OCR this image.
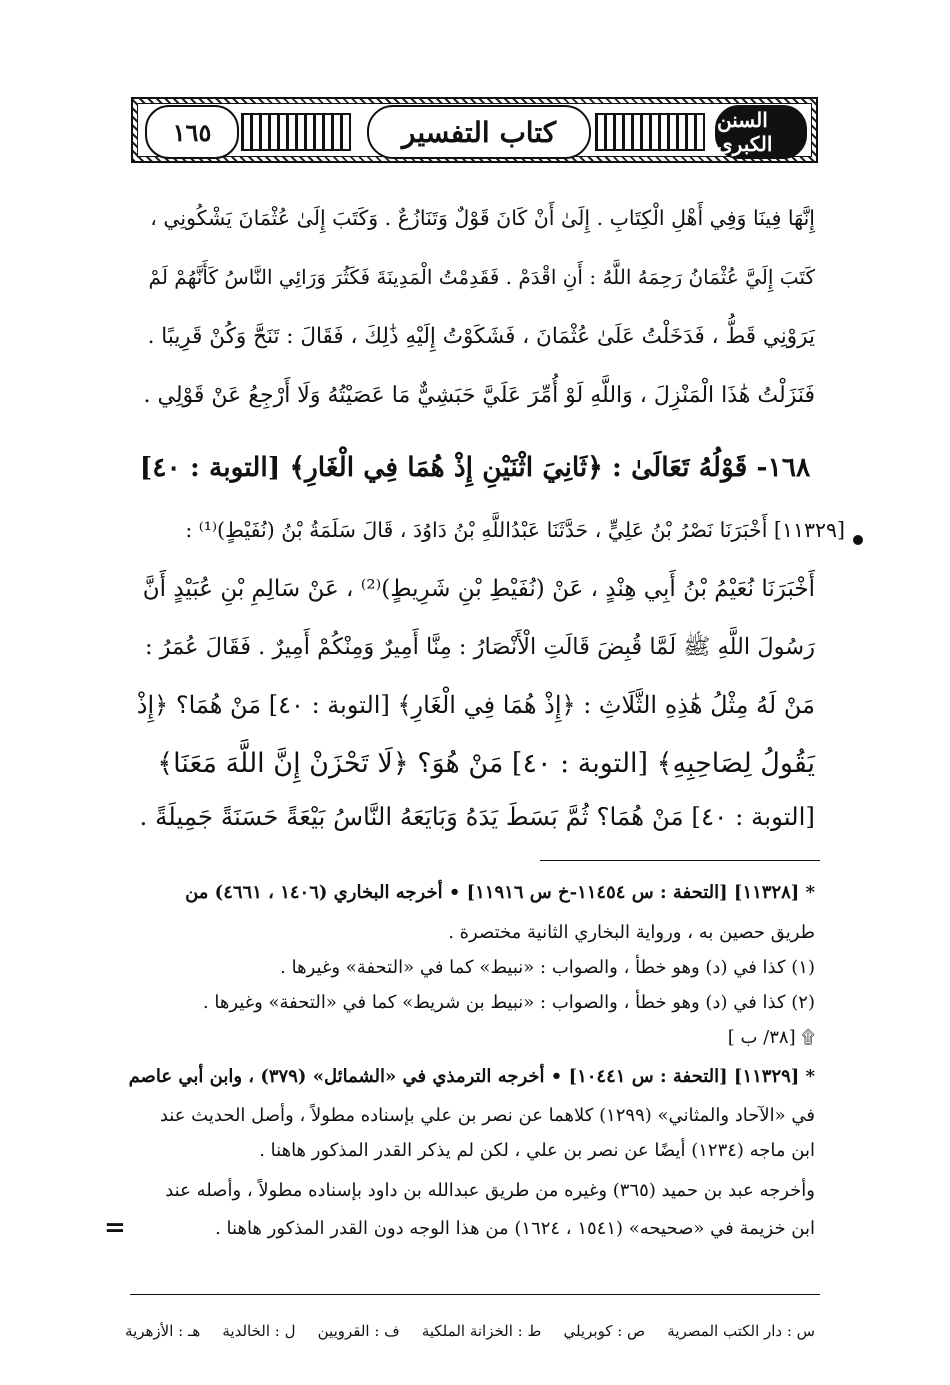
١٦٥	كتاب التفسير	السنن الكبرى
إِنَّهَا فِينَا وَفِي أَهْلِ الْكِتَابِ . إِلَىٰ أَنْ كَانَ قَوْلٌ وَتَنَازُعٌ . وَكَتَبَ إِلَىٰ عُثْمَانَ يَشْكُونِي ،
كَتَبَ إِلَيَّ عُثْمَانُ رَحِمَهُ اللَّهُ : أَنِ اقْدَمْ . فَقَدِمْتُ الْمَدِينَةَ فَكَثُرَ وَرَائِي النَّاسُ كَأَنَّهُمْ لَمْ
يَرَوْنِي قَطُّ ، فَدَخَلْتُ عَلَىٰ عُثْمَانَ ، فَشَكَوْتُ إِلَيْهِ ذَٰلِكَ ، فَقَالَ : تَنَحَّ وَكُنْ قَرِيبًا .
فَنَزَلْتُ هَٰذَا الْمَنْزِلَ ، وَاللَّهِ لَوْ أُمِّرَ عَلَيَّ حَبَشِيٌّ مَا عَصَيْتُهُ وَلَا أَرْجِعُ عَنْ قَوْلِي .
١٦٨- قَوْلُهُ تَعَالَىٰ : ﴿ثَانِيَ اثْنَيْنِ إِذْ هُمَا فِي الْغَارِ﴾ [التوبة : ٤٠]
[١١٣٢٩] أَخْبَرَنَا نَصْرُ بْنُ عَلِيٍّ ، حَدَّثَنَا عَبْدُاللَّهِ بْنُ دَاوُدَ ، قَالَ سَلَمَةُ بْنُ (نُفَيْطٍ)⁽¹⁾ :
أَخْبَرَنَا نُعَيْمُ بْنُ أَبِي هِنْدٍ ، عَنْ (نُفَيْطِ بْنِ شَرِيطٍ)⁽²⁾ ، عَنْ سَالِمِ بْنِ عُبَيْدٍ أَنَّ
رَسُولَ اللَّهِ ﷺ لَمَّا قُبِضَ قَالَتِ الْأَنْصَارُ : مِنَّا أَمِيرٌ وَمِنْكُمْ أَمِيرٌ . فَقَالَ عُمَرُ :
مَنْ لَهُ مِثْلُ هَٰذِهِ الثَّلَاثِ : ﴿إِذْ هُمَا فِي الْغَارِ﴾ [التوبة : ٤٠] مَنْ هُمَا؟ ﴿إِذْ
يَقُولُ لِصَاحِبِهِ﴾ [التوبة : ٤٠] مَنْ هُوَ؟ ﴿لَا تَحْزَنْ إِنَّ اللَّهَ مَعَنَا﴾
[التوبة : ٤٠] مَنْ هُمَا؟ ثُمَّ بَسَطَ يَدَهُ وَبَايَعَهُ النَّاسُ بَيْعَةً حَسَنَةً جَمِيلَةً .
* [١١٣٢٨] [التحفة : س ١١٤٥٤-خ س ١١٩١٦] • أخرجه البخاري (١٤٠٦ ، ٤٦٦١) من
طريق حصين به ، ورواية البخاري الثانية مختصرة .
(١) كذا في (د) وهو خطأ ، والصواب : «نبيط» كما في «التحفة» وغيرها .
(٢) كذا في (د) وهو خطأ ، والصواب : «نبيط بن شريط» كما في «التحفة» وغيرها .
۩ [٣٨/ ب ]
* [١١٣٢٩] [التحفة : س ١٠٤٤١] • أخرجه الترمذي في «الشمائل» (٣٧٩) ، وابن أبي عاصم
في «الآحاد والمثاني» (١٢٩٩) كلاهما عن نصر بن علي بإسناده مطولاً ، وأصل الحديث عند
ابن ماجه (١٢٣٤) أيضًا عن نصر بن علي ، لكن لم يذكر القدر المذكور هاهنا .
وأخرجه عبد بن حميد (٣٦٥) وغيره من طريق عبدالله بن داود بإسناده مطولاً ، وأصله عند
ابن خزيمة في «صحيحه» (١٥٤١ ، ١٦٢٤) من هذا الوجه دون القدر المذكور هاهنا .
=
س : دار الكتب المصرية
ص : كوبريلي
ط : الخزانة الملكية
ف : القرويين
ل : الخالدية
هـ : الأزهرية
